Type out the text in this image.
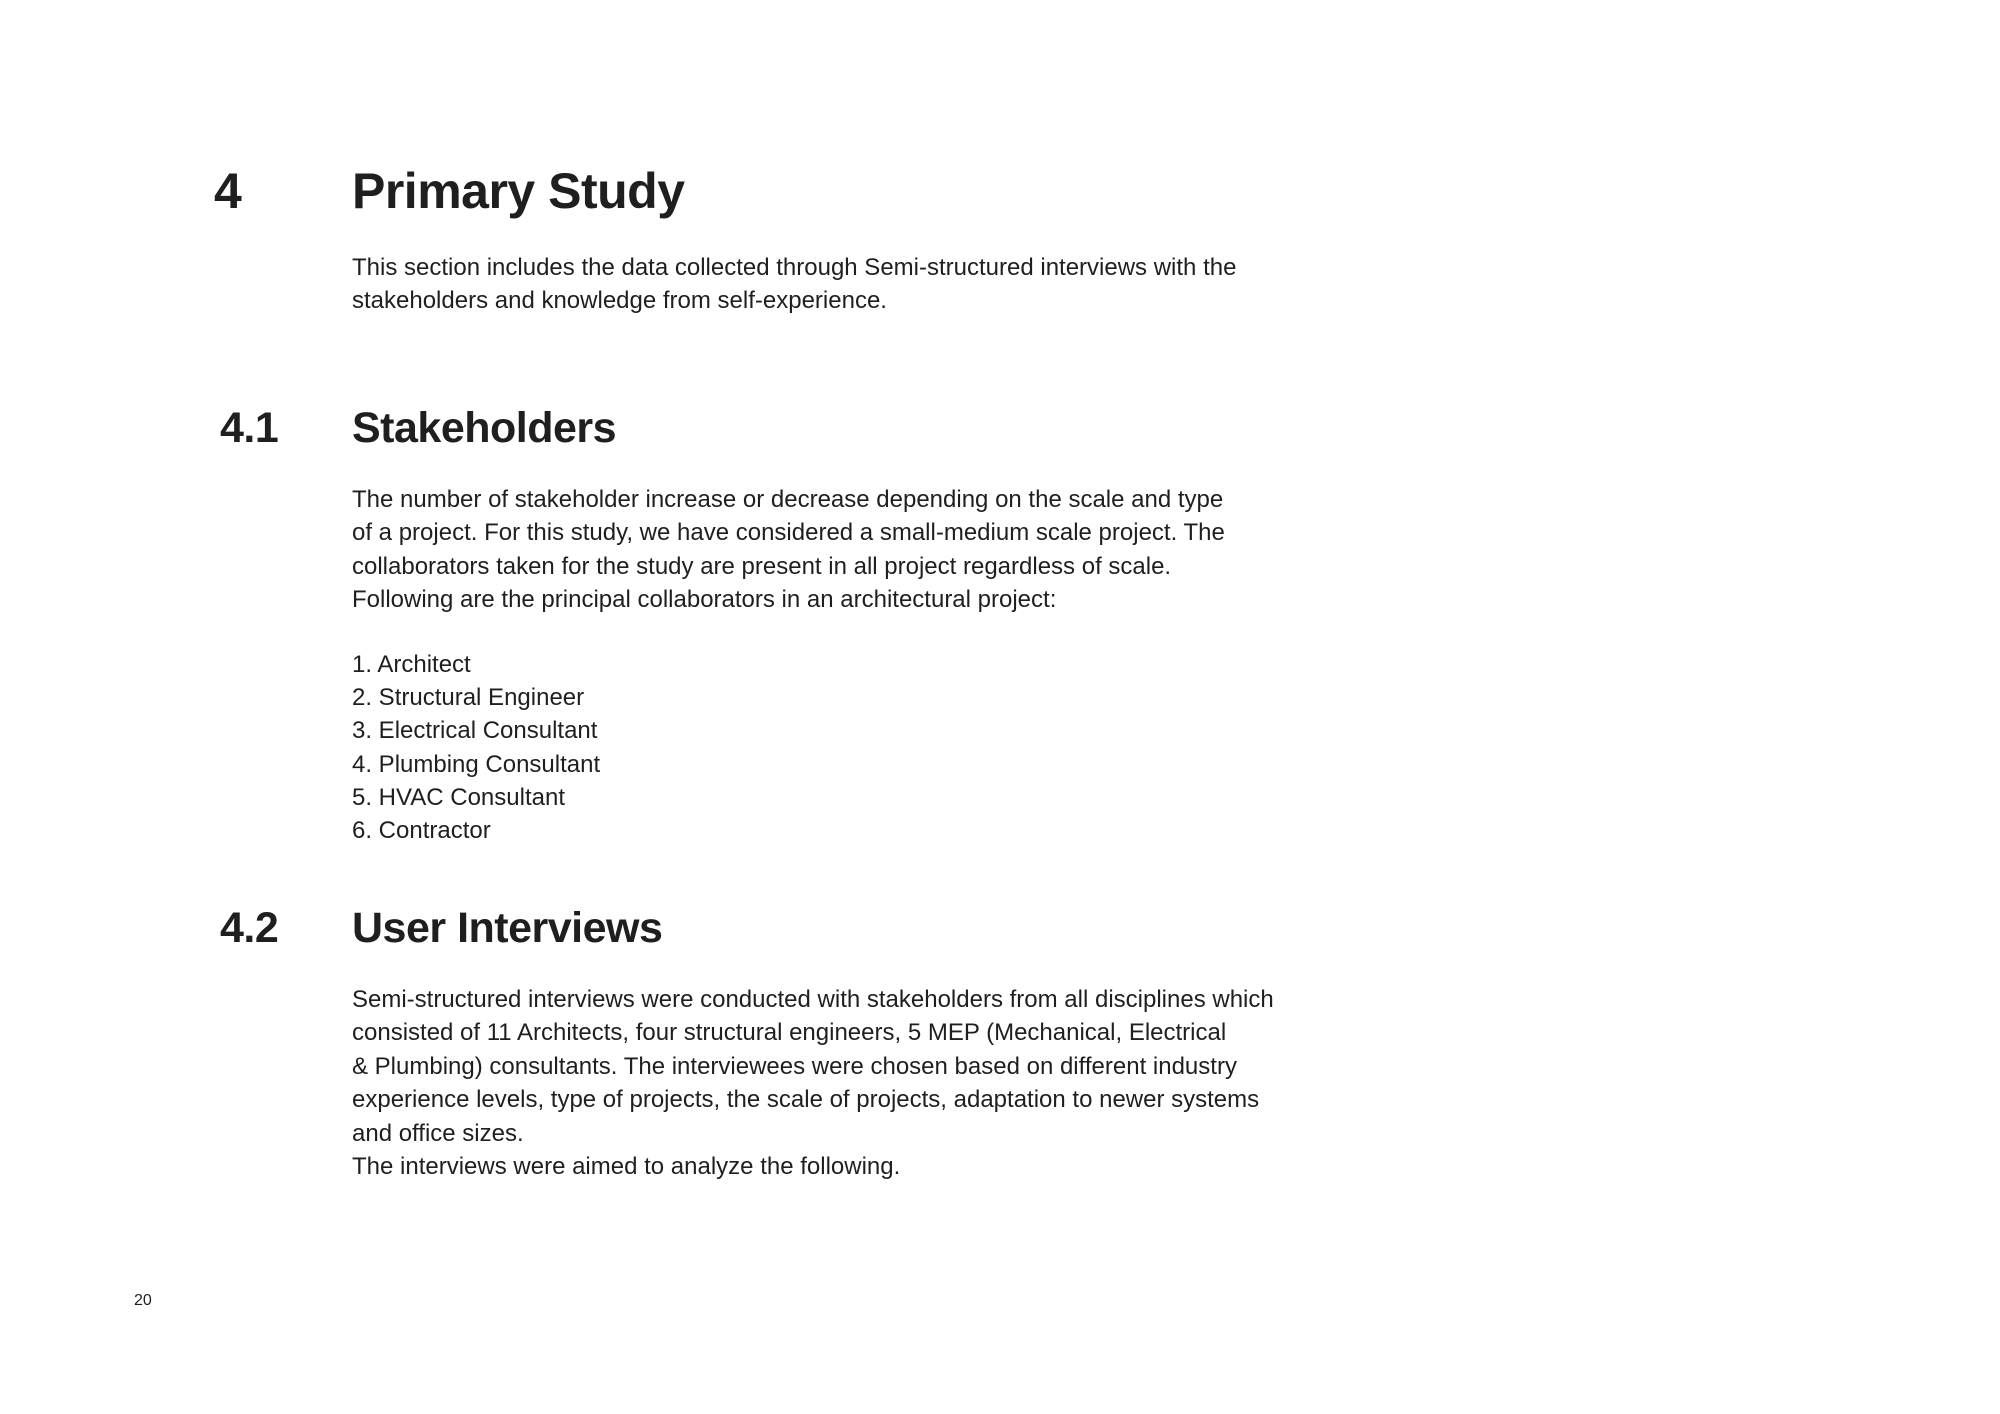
4 Primary Study

This section includes the data collected through Semi-structured interviews with the
stakeholders and knowledge from self-experience.

4.1 Stakeholders

The number of stakeholder increase or decrease depending on the scale and type
of a project. For this study, we have considered a small-medium scale project. The
collaborators taken for the study are present in all project regardless of scale.
Following are the principal collaborators in an architectural project:

1. Architect
2. Structural Engineer
3. Electrical Consultant
4. Plumbing Consultant
5. HVAC Consultant
6. Contractor
4.2 User Interviews

Semi-structured interviews were conducted with stakeholders from all disciplines which
consisted of 11 Architects, four structural engineers, 5 MEP (Mechanical, Electrical
& Plumbing) consultants. The interviewees were chosen based on different industry
experience levels, type of projects, the scale of projects, adaptation to newer systems
and office sizes.
The interviews were aimed to analyze the following.

20
